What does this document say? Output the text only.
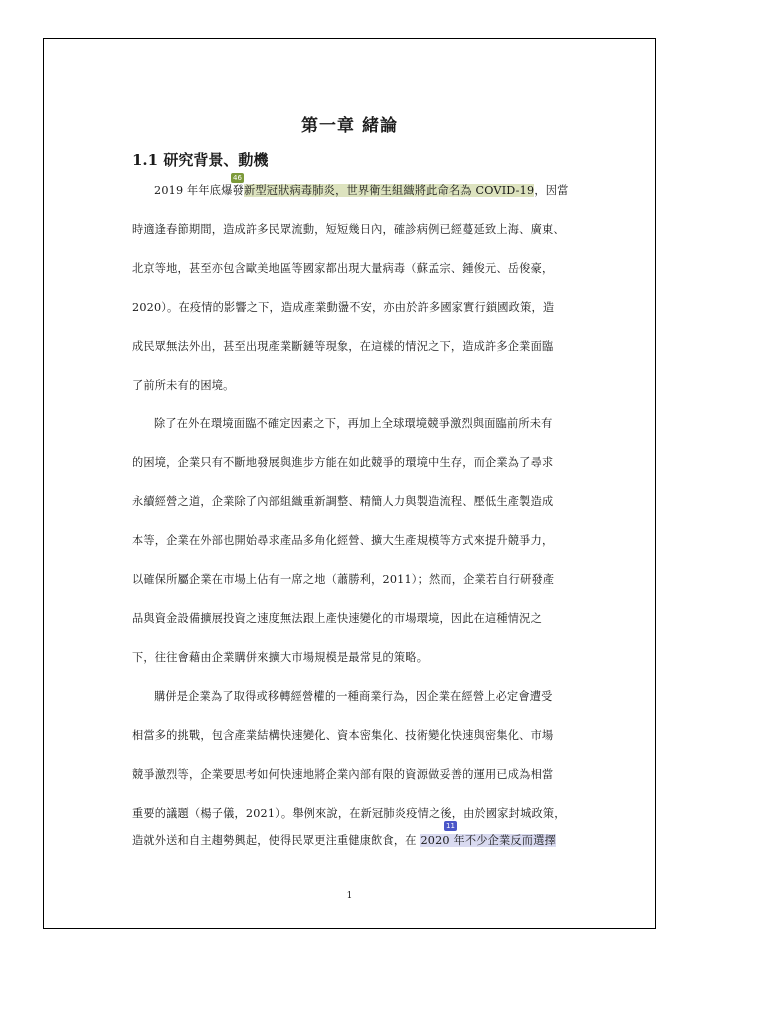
第一章 緒論
1.1 研究背景、動機
46
2019 年年底爆發新型冠狀病毒肺炎，世界衛生組織將此命名為 COVID-19，因當
時適逢春節期間，造成許多民眾流動，短短幾日內，確診病例已經蔓延致上海、廣東、
北京等地，甚至亦包含歐美地區等國家都出現大量病毒（蘇孟宗、鍾俊元、岳俊豪，
2020）。在疫情的影響之下，造成產業動盪不安，亦由於許多國家實行鎖國政策，造
成民眾無法外出，甚至出現產業斷鏈等現象，在這樣的情況之下，造成許多企業面臨
了前所未有的困境。
除了在外在環境面臨不確定因素之下，再加上全球環境競爭激烈與面臨前所未有
的困境，企業只有不斷地發展與進步方能在如此競爭的環境中生存，而企業為了尋求
永續經營之道，企業除了內部組織重新調整、精簡人力與製造流程、壓低生產製造成
本等，企業在外部也開始尋求產品多角化經營、擴大生產規模等方式來提升競爭力，
以確保所屬企業在市場上佔有一席之地（蕭勝利，2011）；然而，企業若自行研發產
品與資金設備擴展投資之速度無法跟上產快速變化的市場環境，因此在這種情況之
下，往往會藉由企業購併來擴大市場規模是最常見的策略。
購併是企業為了取得或移轉經營權的一種商業行為，因企業在經營上必定會遭受
相當多的挑戰，包含產業結構快速變化、資本密集化、技術變化快速與密集化、市場
競爭激烈等，企業要思考如何快速地將企業內部有限的資源做妥善的運用已成為相當
重要的議題（楊子儀，2021）。舉例來說，在新冠肺炎疫情之後，由於國家封城政策，
11
造就外送和自主趨勢興起，使得民眾更注重健康飲食，在 2020 年不少企業反而選擇
1
